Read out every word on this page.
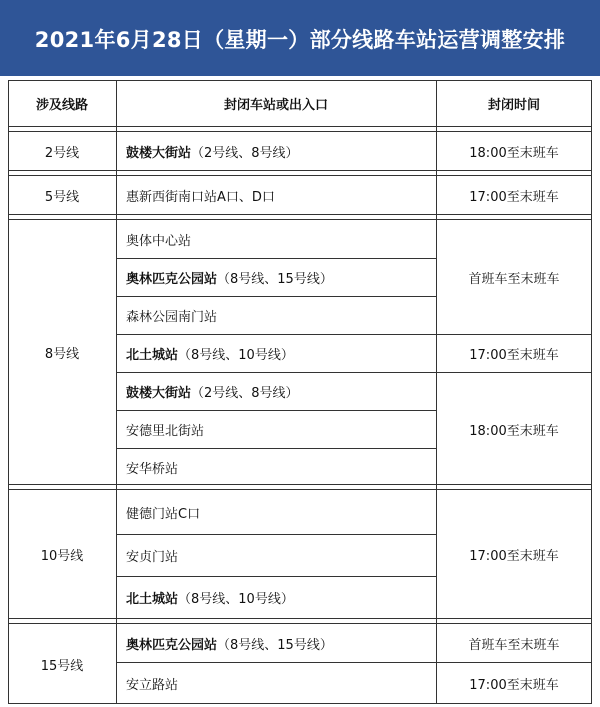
2021年6月28日（星期一）部分线路车站运营调整安排
涉及线路	封闭车站或出入口	封闭时间
2号线
5号线
8号线
10号线
15号线
鼓楼大街站 （2号线、8号线）
惠新西街南口站A口、D口
奥体中心站
奥林匹克公园站 （8号线、15号线）
森林公园南门站
北土城站 （8号线、10号线）
鼓楼大街站 （2号线、8号线）
安德里北街站
安华桥站
健德门站C口
安贞门站
北土城站 （8号线、10号线）
奥林匹克公园站 （8号线、15号线）
安立路站
18:00至末班车
17:00至末班车
首班车至末班车
17:00至末班车
18:00至末班车
17:00至末班车
首班车至末班车
17:00至末班车
